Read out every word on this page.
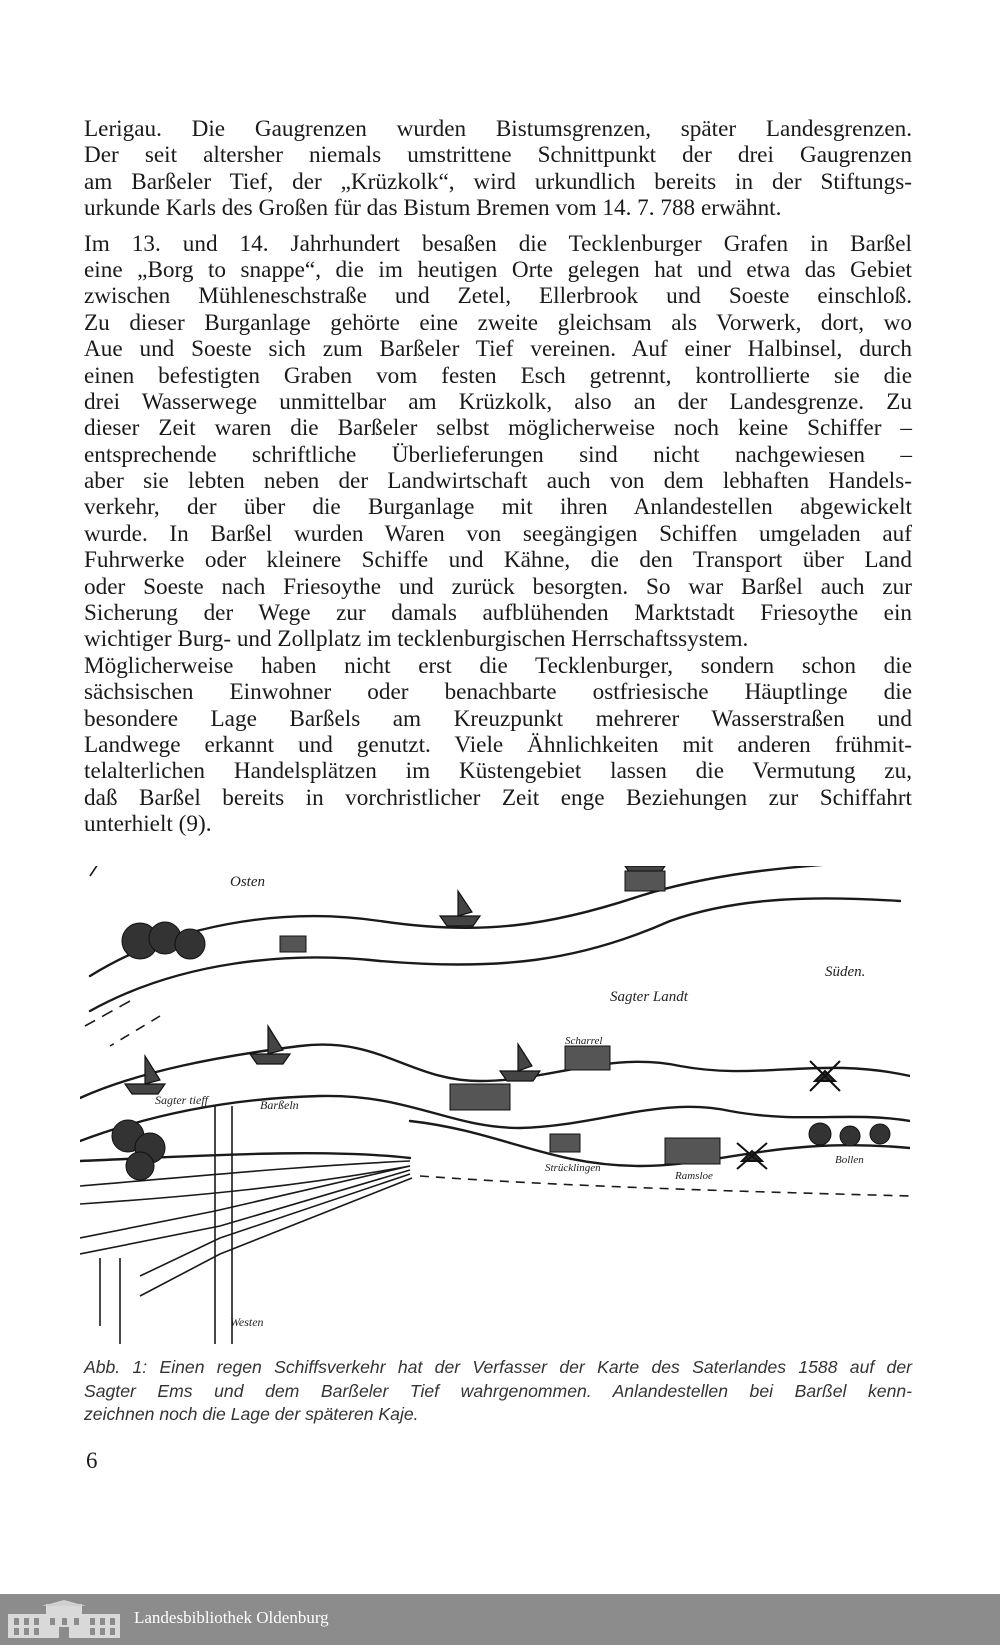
Lerigau. Die Gaugrenzen wurden Bistumsgrenzen, später Landesgrenzen.
Der seit altersher niemals umstrittene Schnittpunkt der drei Gaugrenzen
am Barßeler Tief, der „Krüzkolk“, wird urkundlich bereits in der Stiftungs-
urkunde Karls des Großen für das Bistum Bremen vom 14. 7. 788 erwähnt.
Im 13. und 14. Jahrhundert besaßen die Tecklenburger Grafen in Barßel
eine „Borg to snappe“, die im heutigen Orte gelegen hat und etwa das Gebiet
zwischen Mühleneschstraße und Zetel, Ellerbrook und Soeste einschloß.
Zu dieser Burganlage gehörte eine zweite gleichsam als Vorwerk, dort, wo
Aue und Soeste sich zum Barßeler Tief vereinen. Auf einer Halbinsel, durch
einen befestigten Graben vom festen Esch getrennt, kontrollierte sie die
drei Wasserwege unmittelbar am Krüzkolk, also an der Landesgrenze. Zu
dieser Zeit waren die Barßeler selbst möglicherweise noch keine Schiffer –
entsprechende schriftliche Überlieferungen sind nicht nachgewiesen –
aber sie lebten neben der Landwirtschaft auch von dem lebhaften Handels-
verkehr, der über die Burganlage mit ihren Anlandestellen abgewickelt
wurde. In Barßel wurden Waren von seegängigen Schiffen umgeladen auf
Fuhrwerke oder kleinere Schiffe und Kähne, die den Transport über Land
oder Soeste nach Friesoythe und zurück besorgten. So war Barßel auch zur
Sicherung der Wege zur damals aufblühenden Marktstadt Friesoythe ein
wichtiger Burg- und Zollplatz im tecklenburgischen Herrschaftssystem.
Möglicherweise haben nicht erst die Tecklenburger, sondern schon die
sächsischen Einwohner oder benachbarte ostfriesische Häuptlinge die
besondere Lage Barßels am Kreuzpunkt mehrerer Wasserstraßen und
Landwege erkannt und genutzt. Viele Ähnlichkeiten mit anderen frühmit-
telalterlichen Handelsplätzen im Küstengebiet lassen die Vermutung zu,
daß Barßel bereits in vorchristlicher Zeit enge Beziehungen zur Schiffahrt
unterhielt (9).
Osten
Süden.
Sagter Landt
Sagter tieff	Barßeln
Westen
Strücklingen
Ramsloe
Bollen
Scharrel
Abb. 1: Einen regen Schiffsverkehr hat der Verfasser der Karte des Saterlandes 1588 auf der
Sagter Ems und dem Barßeler Tief wahrgenommen. Anlandestellen bei Barßel kenn-
zeichnen noch die Lage der späteren Kaje.
6
Landesbibliothek Oldenburg
